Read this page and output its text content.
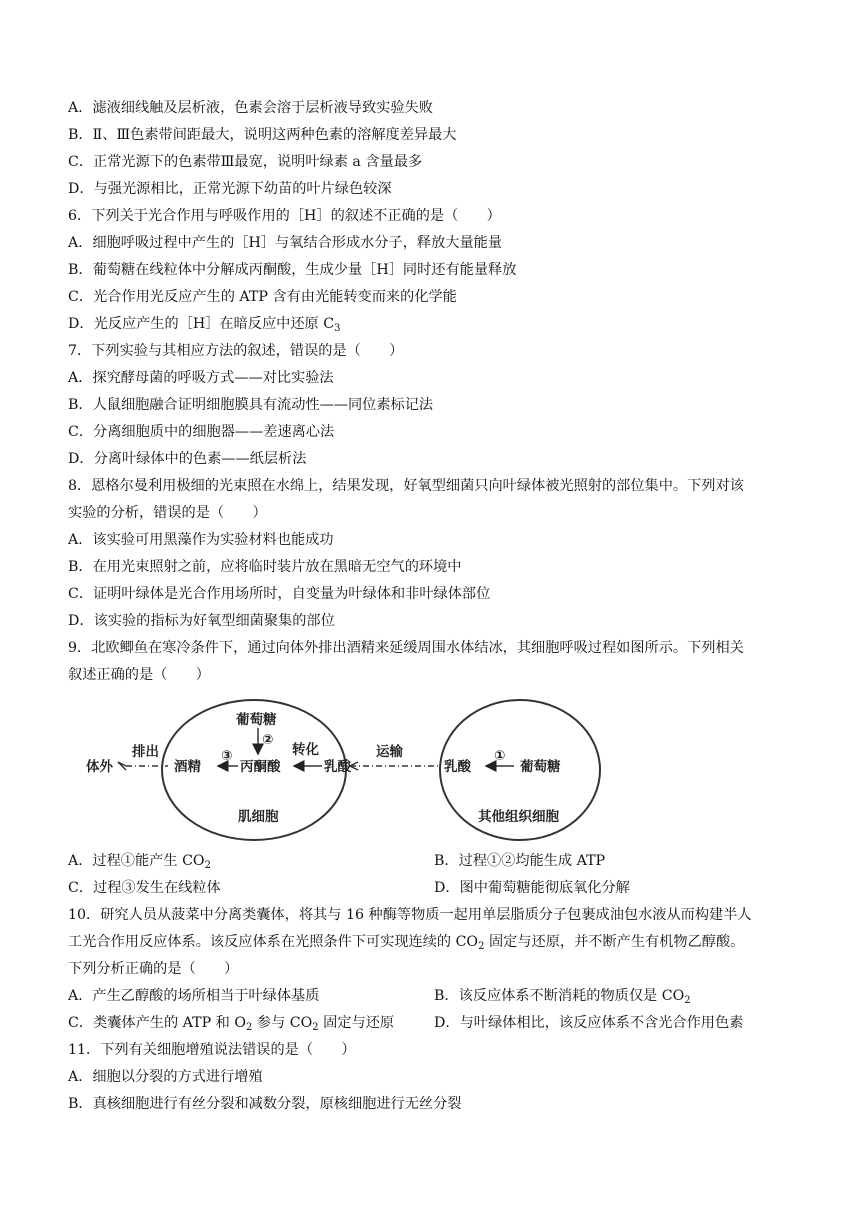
A．滤液细线触及层析液，色素会溶于层析液导致实验失败
B．Ⅱ、Ⅲ色素带间距最大，说明这两种色素的溶解度差异最大
C．正常光源下的色素带Ⅲ最宽，说明叶绿素 a 含量最多
D．与强光源相比，正常光源下幼苗的叶片绿色较深
6．下列关于光合作用与呼吸作用的［H］的叙述不正确的是（　　）
A．细胞呼吸过程中产生的［H］与氧结合形成水分子，释放大量能量
B．葡萄糖在线粒体中分解成丙酮酸，生成少量［H］同时还有能量释放
C．光合作用光反应产生的 ATP 含有由光能转变而来的化学能
D．光反应产生的［H］在暗反应中还原 $C_3$
7．下列实验与其相应方法的叙述，错误的是（　　）
A．探究酵母菌的呼吸方式——对比实验法
B．人鼠细胞融合证明细胞膜具有流动性——同位素标记法
C．分离细胞质中的细胞器——差速离心法
D．分离叶绿体中的色素——纸层析法
8．恩格尔曼利用极细的光束照在水绵上，结果发现，好氧型细菌只向叶绿体被光照射的部位集中。下列对该
实验的分析，错误的是（　　）
A．该实验可用黑藻作为实验材料也能成功
B．在用光束照射之前，应将临时装片放在黑暗无空气的环境中
C．证明叶绿体是光合作用场所时，自变量为叶绿体和非叶绿体部位
D．该实验的指标为好氧型细菌聚集的部位
9．北欧鲫鱼在寒冷条件下，通过向体外排出酒精来延缓周围水体结冰，其细胞呼吸过程如图所示。下列相关
叙述正确的是（　　）
体外
排出
酒精
③
葡萄糖
②
丙酮酸
转化
乳酸
运输
乳酸
①
葡萄糖
肌细胞	其他组织细胞
A．过程①能产生 $CO_2$	B．过程①②均能生成 ATP
C．过程③发生在线粒体	D．图中葡萄糖能彻底氧化分解
10．研究人员从菠菜中分离类囊体，将其与 16 种酶等物质一起用单层脂质分子包裹成油包水液从而构建半人
工光合作用反应体系。该反应体系在光照条件下可实现连续的 $CO_2$ 固定与还原，并不断产生有机物乙醇酸。
下列分析正确的是（　　）
A．产生乙醇酸的场所相当于叶绿体基质	B．该反应体系不断消耗的物质仅是 $CO_2$
C．类囊体产生的 ATP 和 $O_2$ 参与 $CO_2$ 固定与还原	D．与叶绿体相比，该反应体系不含光合作用色素
11．下列有关细胞增殖说法错误的是（　　）
A．细胞以分裂的方式进行增殖
B．真核细胞进行有丝分裂和减数分裂，原核细胞进行无丝分裂
